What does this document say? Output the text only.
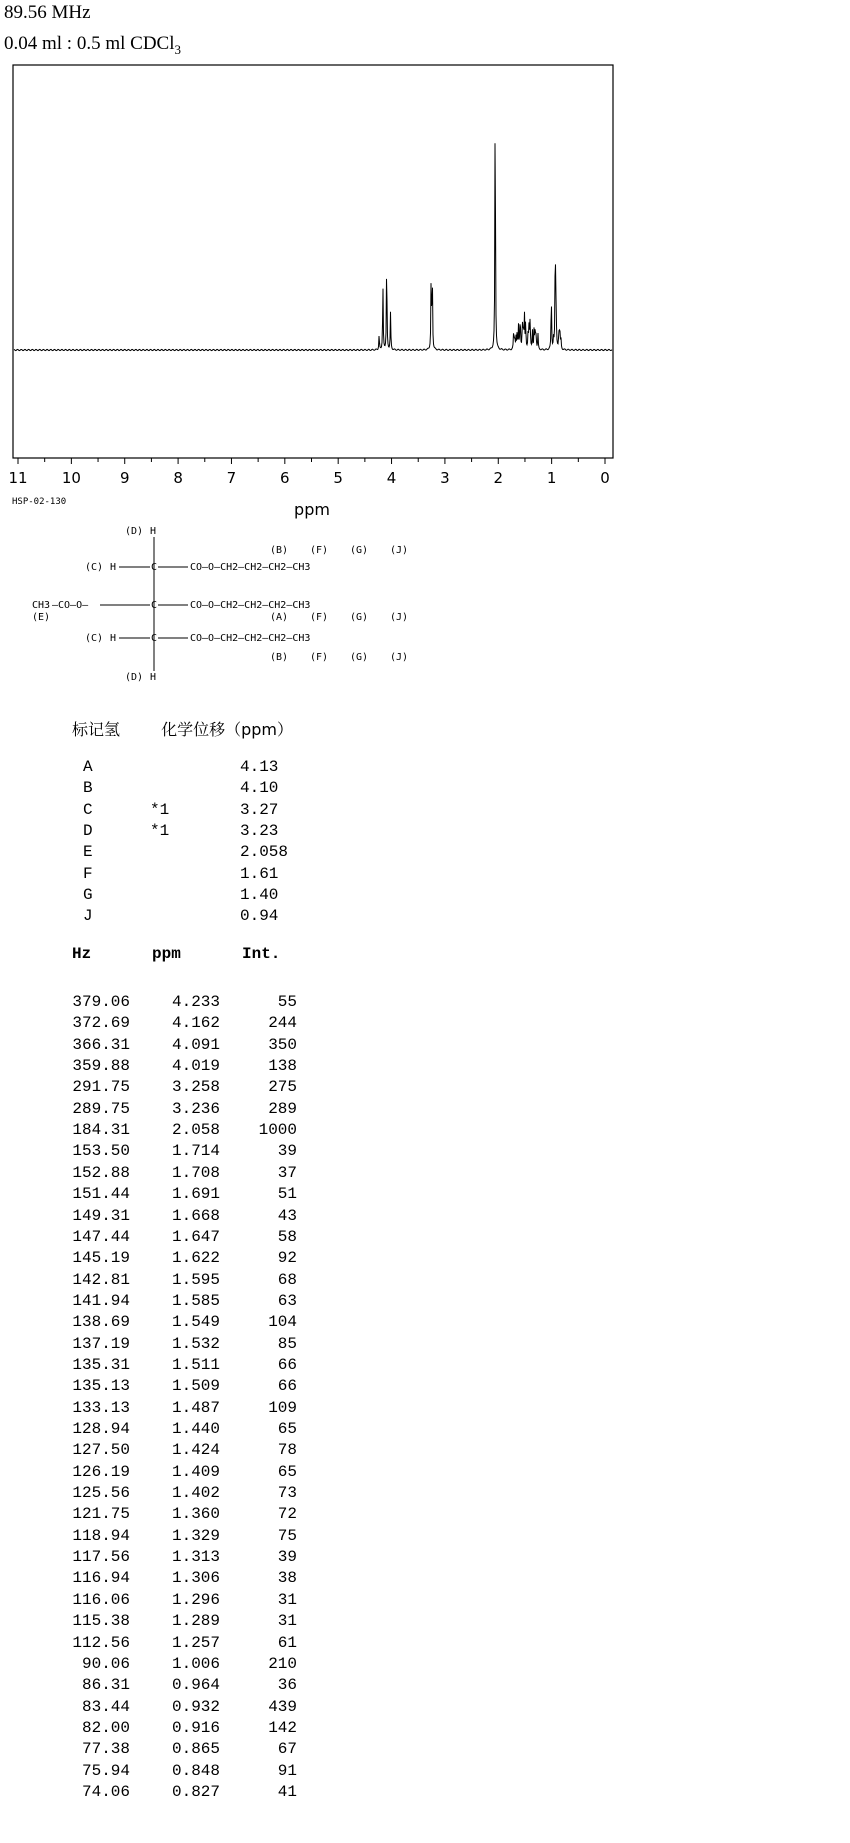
89.56 MHz
0.04 ml : 0.5 ml CDCl$_3$
11 10	9	8	7	6	5	4	3	2	1	0
ppm
HSP-02-130
(D) H
(B) (F) (G) (J)
(C) H	C	CO—O—CH2—CH2—CH2—CH3
CH3 —CO—O—	C	CO—O—CH2—CH2—CH2—CH3
(E)	(A) (F) (G) (J)
(C) H	C	CO—O—CH2—CH2—CH2—CH3
(B) (F) (G) (J)
(D) H
标记氢	化学位移（ppm）
A	4.13
B	4.10
C	*1	3.27
D	*1	3.23
E	2.058
F	1.61
G	1.40
J	0.94
Hz	ppm	Int.
379.06	4.233	55
372.69	4.162	244
366.31	4.091	350
359.88	4.019	138
291.75	3.258	275
289.75	3.236	289
184.31	2.058	1000
153.50	1.714	39
152.88	1.708	37
151.44	1.691	51
149.31	1.668	43
147.44	1.647	58
145.19	1.622	92
142.81	1.595	68
141.94	1.585	63
138.69	1.549	104
137.19	1.532	85
135.31	1.511	66
135.13	1.509	66
133.13	1.487	109
128.94	1.440	65
127.50	1.424	78
126.19	1.409	65
125.56	1.402	73
121.75	1.360	72
118.94	1.329	75
117.56	1.313	39
116.94	1.306	38
116.06	1.296	31
115.38	1.289	31
112.56	1.257	61
90.06	1.006	210
86.31	0.964	36
83.44	0.932	439
82.00	0.916	142
77.38	0.865	67
75.94	0.848	91
74.06	0.827	41
